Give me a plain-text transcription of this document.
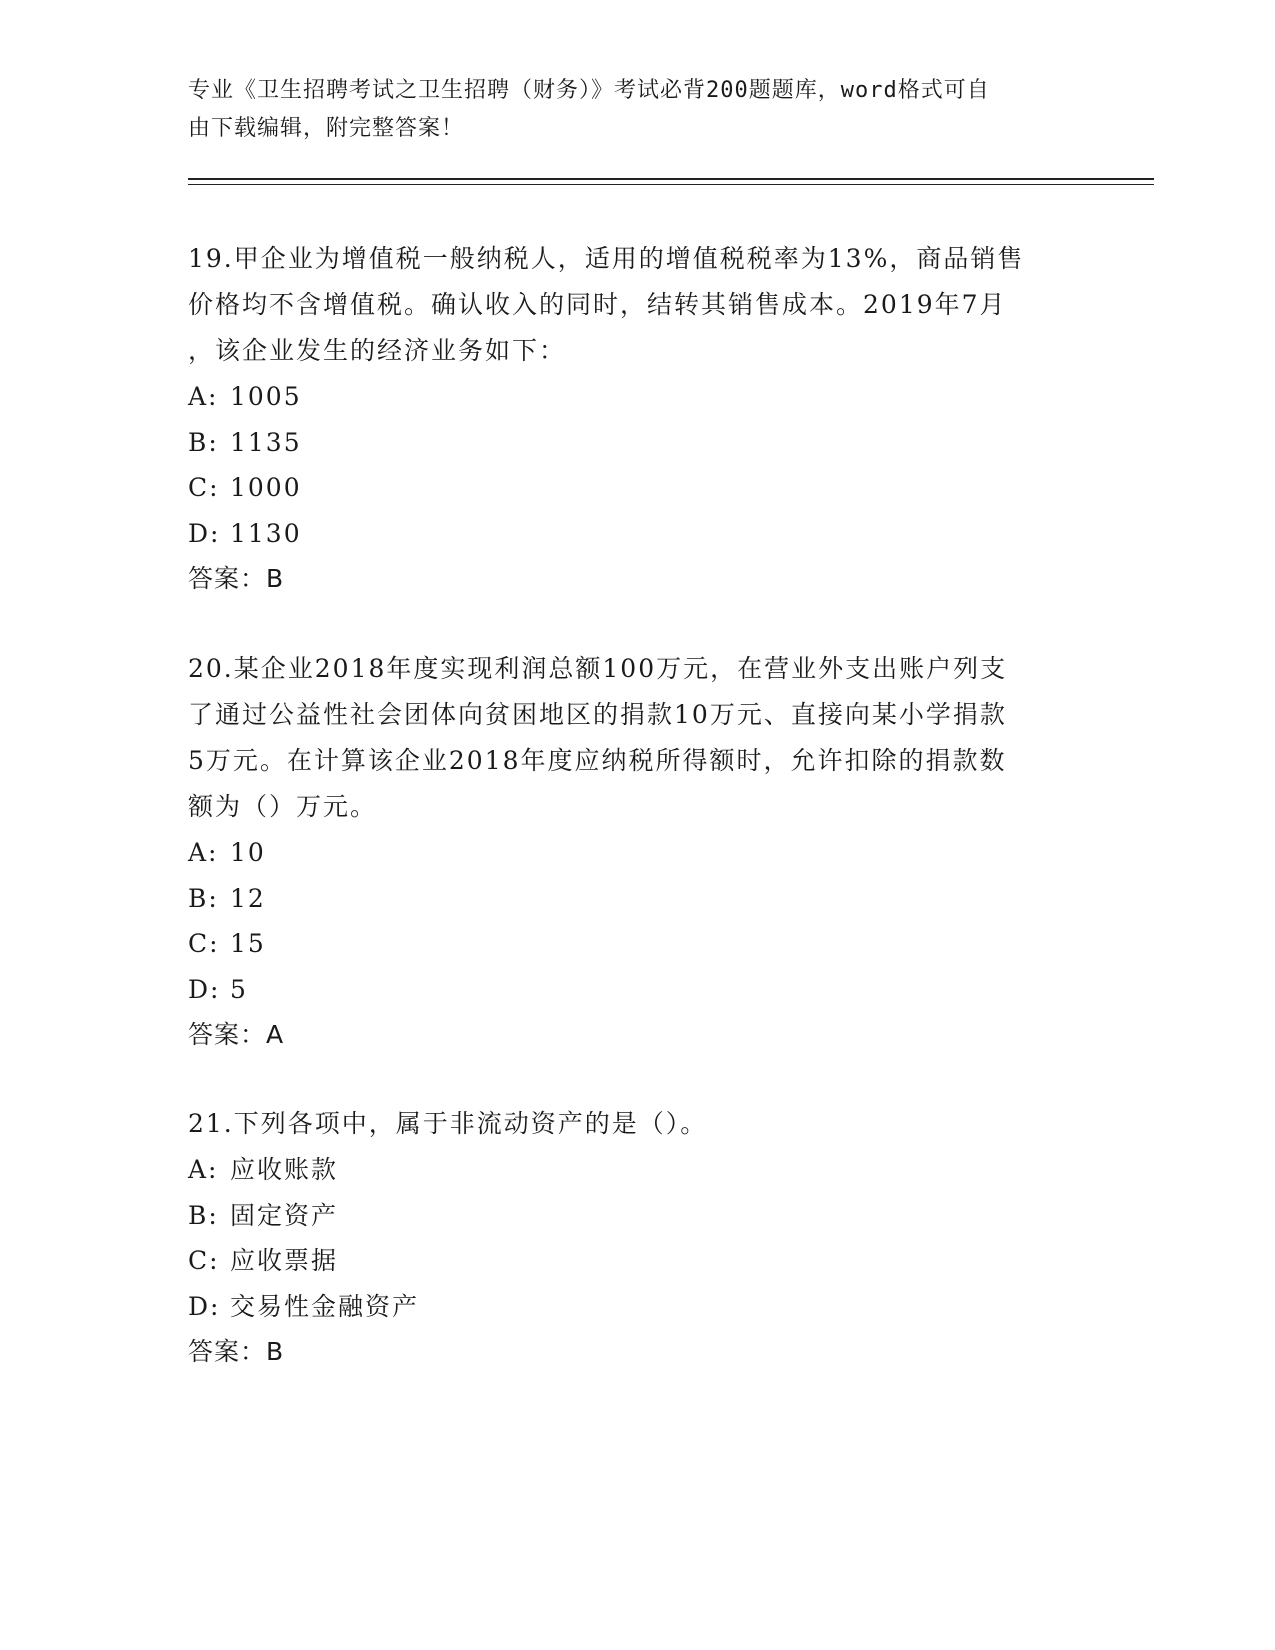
专业《卫生招聘考试之卫生招聘（财务）》考试必背200题题库，word格式可自
由下载编辑，附完整答案！

19.甲企业为增值税一般纳税人，适用的增值税税率为13%，商品销售

价格均不含增值税。确认收入的同时，结转其销售成本。2019年7月

，该企业发生的经济业务如下：

A: 1005

B: 1135

C: 1000

D: 1130

答案：B

20.某企业2018年度实现利润总额100万元，在营业外支出账户列支

了通过公益性社会团体向贫困地区的捐款10万元、直接向某小学捐款

5万元。在计算该企业2018年度应纳税所得额时，允许扣除的捐款数

额为（）万元。

A: 10

B: 12

C: 15

D: 5

答案：A

21.下列各项中，属于非流动资产的是（）。

A: 应收账款

B: 固定资产

C: 应收票据

D: 交易性金融资产

答案：B
